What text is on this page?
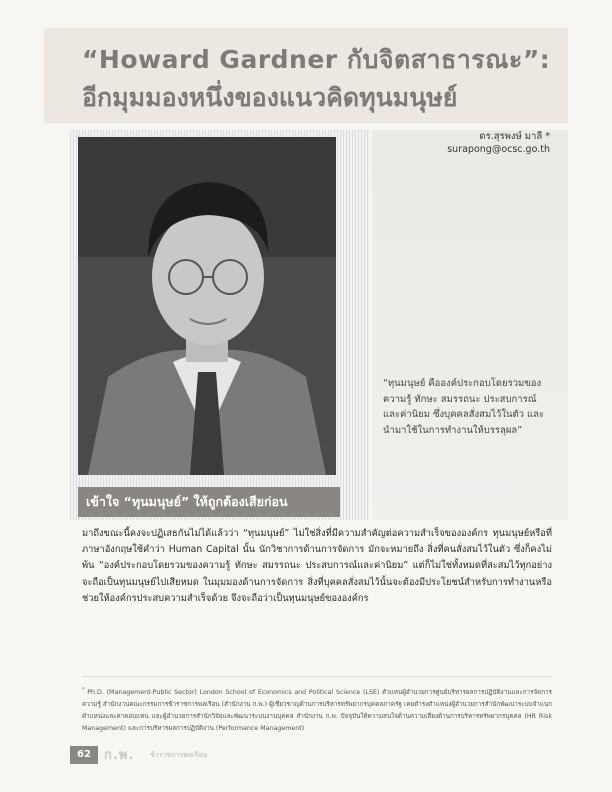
“Howard Gardner กับจิตสาธารณะ”:
อีกมุมมองหนึ่งของแนวคิดทุนมนุษย์
เข้าใจ “ทุนมนุษย์” ให้ถูกต้องเสียก่อน
ดร.สุรพงษ์ มาลี *
surapong@ocsc.go.th
“ทุนมนุษย์ คือองค์ประกอบโดยรวมของความรู้ ทักษะ สมรรถนะ ประสบการณ์ และค่านิยม ซึ่งบุคคลสั่งสมไว้ในตัว และนำมาใช้ในการทำงานให้บรรลุผล”
มาถึงขณะนี้คงจะปฏิเสธกันไม่ได้แล้วว่า “ทุนมนุษย์” ไม่ใช่สิ่งที่มีความสำคัญต่อความสำเร็จขององค์กร ทุนมนุษย์หรือที่ภาษาอังกฤษใช้คำว่า Human Capital นั้น นักวิชาการด้านการจัดการ มักจะหมายถึง สิ่งที่คนสั่งสมไว้ในตัว ซึ่งก็คงไม่พ้น “องค์ประกอบโดยรวมของความรู้ ทักษะ สมรรถนะ ประสบการณ์และค่านิยม” แต่ก็ไม่ใช่ทั้งหมดที่สะสมไว้ทุกอย่างจะถือเป็นทุนมนุษย์ไปเสียหมด ในมุมมองด้านการจัดการ สิ่งที่บุคคลสั่งสมไว้นั้นจะต้องมีประโยชน์สำหรับการทำงานหรือช่วยให้องค์กรประสบความสำเร็จด้วย จึงจะถือว่าเป็นทุนมนุษย์ขององค์กร
* Ph.D. (Management-Public Sector) London School of Economics and Political Science (LSE) ตัวแทนผู้อำนวยการศูนย์บริหารผลการปฏิบัติงานและการจัดการความรู้ สำนักงานคณะกรรมการข้าราชการพลเรือน (สำนักงาน ก.พ.) ผู้เชี่ยวชาญด้านการบริหารทรัพยากรบุคคลภาครัฐ เคยดำรงตำแหน่งผู้อำนวยการสำนักพัฒนาระบบจำแนกตำแหน่งและค่าตอบแทน และผู้อำนวยการสำนักวิจัยและพัฒนาระบบงานบุคคล สำนักงาน ก.พ. ปัจจุบันให้ความสนใจด้านความเสี่ยงด้านการบริหารทรัพยากรบุคคล (HR Risk Management) และการบริหารผลการปฏิบัติงาน (Performance Management)
62	ก.พ. ข้าราชการพลเรือน
